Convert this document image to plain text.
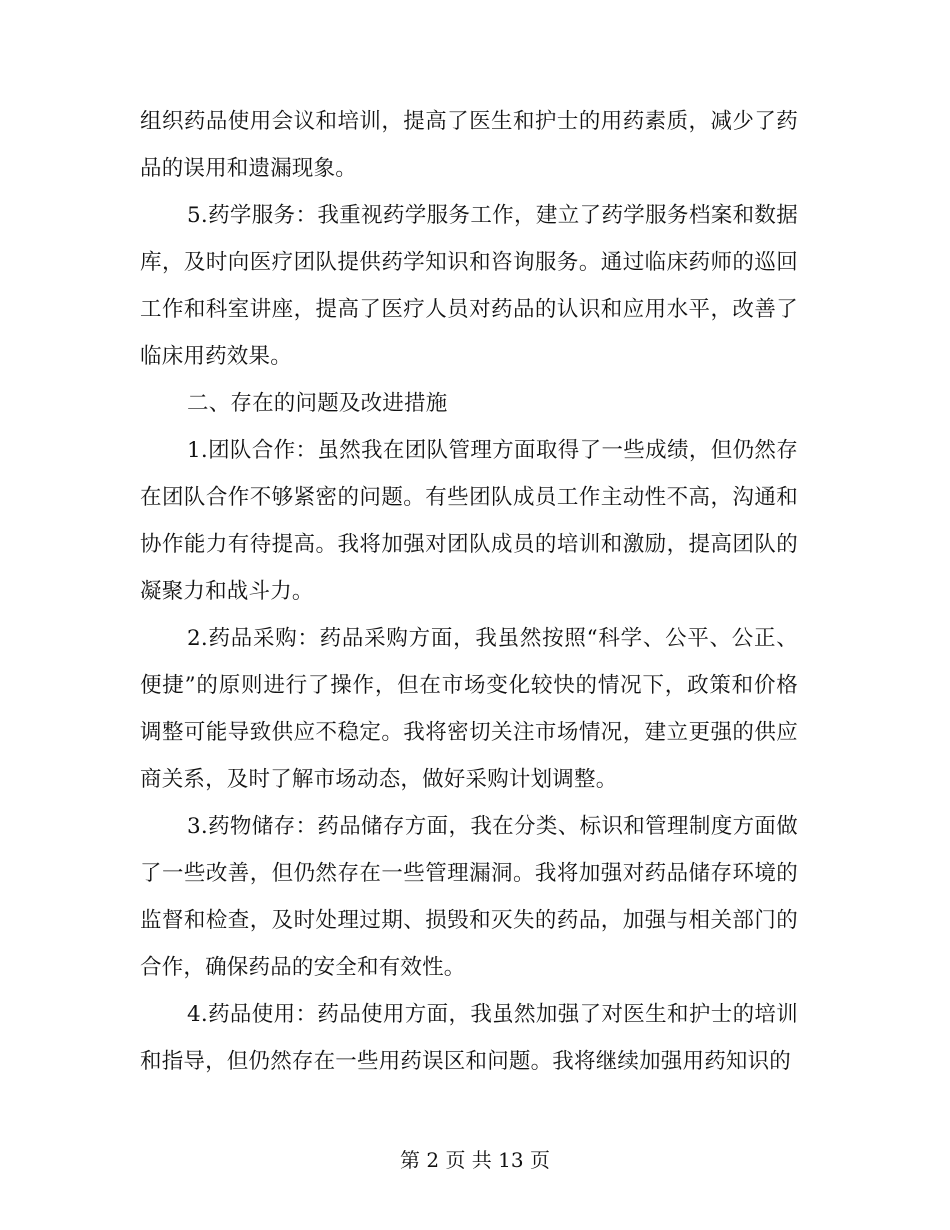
组织药品使用会议和培训，提高了医生和护士的用药素质，减少了药品的误用和遗漏现象。

5.药学服务：我重视药学服务工作，建立了药学服务档案和数据库，及时向医疗团队提供药学知识和咨询服务。通过临床药师的巡回工作和科室讲座，提高了医疗人员对药品的认识和应用水平，改善了临床用药效果。

二、存在的问题及改进措施

1.团队合作：虽然我在团队管理方面取得了一些成绩，但仍然存在团队合作不够紧密的问题。有些团队成员工作主动性不高，沟通和协作能力有待提高。我将加强对团队成员的培训和激励，提高团队的凝聚力和战斗力。

2.药品采购：药品采购方面，我虽然按照“科学、公平、公正、便捷”的原则进行了操作，但在市场变化较快的情况下，政策和价格调整可能导致供应不稳定。我将密切关注市场情况，建立更强的供应商关系，及时了解市场动态，做好采购计划调整。

3.药物储存：药品储存方面，我在分类、标识和管理制度方面做了一些改善，但仍然存在一些管理漏洞。我将加强对药品储存环境的监督和检查，及时处理过期、损毁和灭失的药品，加强与相关部门的合作，确保药品的安全和有效性。

4.药品使用：药品使用方面，我虽然加强了对医生和护士的培训和指导，但仍然存在一些用药误区和问题。我将继续加强用药知识的

第 2 页 共 13 页
